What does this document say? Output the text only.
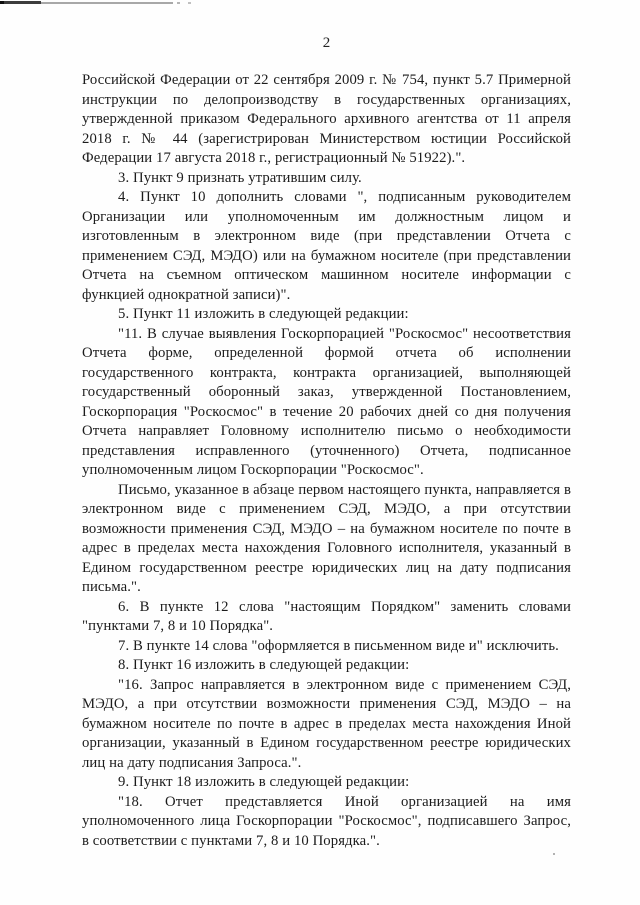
2

Российской Федерации от 22 сентября 2009 г. № 754, пункт 5.7 Примерной инструкции по делопроизводству в государственных организациях, утвержденной приказом Федерального архивного агентства от 11 апреля 2018 г. № 44 (зарегистрирован Министерством юстиции Российской Федерации 17 августа 2018 г., регистрационный № 51922).".

3. Пункт 9 признать утратившим силу.

4. Пункт 10 дополнить словами ", подписанным руководителем Организации или уполномоченным им должностным лицом и изготовленным в электронном виде (при представлении Отчета с применением СЭД, МЭДО) или на бумажном носителе (при представлении Отчета на съемном оптическом машинном носителе информации с функцией однократной записи)".

5. Пункт 11 изложить в следующей редакции:

"11. В случае выявления Госкорпорацией "Роскосмос" несоответствия Отчета форме, определенной формой отчета об исполнении государственного контракта, контракта организацией, выполняющей государственный оборонный заказ, утвержденной Постановлением, Госкорпорация "Роскосмос" в течение 20 рабочих дней со дня получения Отчета направляет Головному исполнителю письмо о необходимости представления исправленного (уточненного) Отчета, подписанное уполномоченным лицом Госкорпорации "Роскосмос".

Письмо, указанное в абзаце первом настоящего пункта, направляется в электронном виде с применением СЭД, МЭДО, а при отсутствии возможности применения СЭД, МЭДО – на бумажном носителе по почте в адрес в пределах места нахождения Головного исполнителя, указанный в Едином государственном реестре юридических лиц на дату подписания письма.".

6. В пункте 12 слова "настоящим Порядком" заменить словами "пунктами 7, 8 и 10 Порядка".

7. В пункте 14 слова "оформляется в письменном виде и" исключить.

8. Пункт 16 изложить в следующей редакции:

"16. Запрос направляется в электронном виде с применением СЭД, МЭДО, а при отсутствии возможности применения СЭД, МЭДО – на бумажном носителе по почте в адрес в пределах места нахождения Иной организации, указанный в Едином государственном реестре юридических лиц на дату подписания Запроса.".

9. Пункт 18 изложить в следующей редакции:

"18. Отчет представляется Иной организацией на имя уполномоченного лица Госкорпорации "Роскосмос", подписавшего Запрос, в соответствии с пунктами 7, 8 и 10 Порядка.".
